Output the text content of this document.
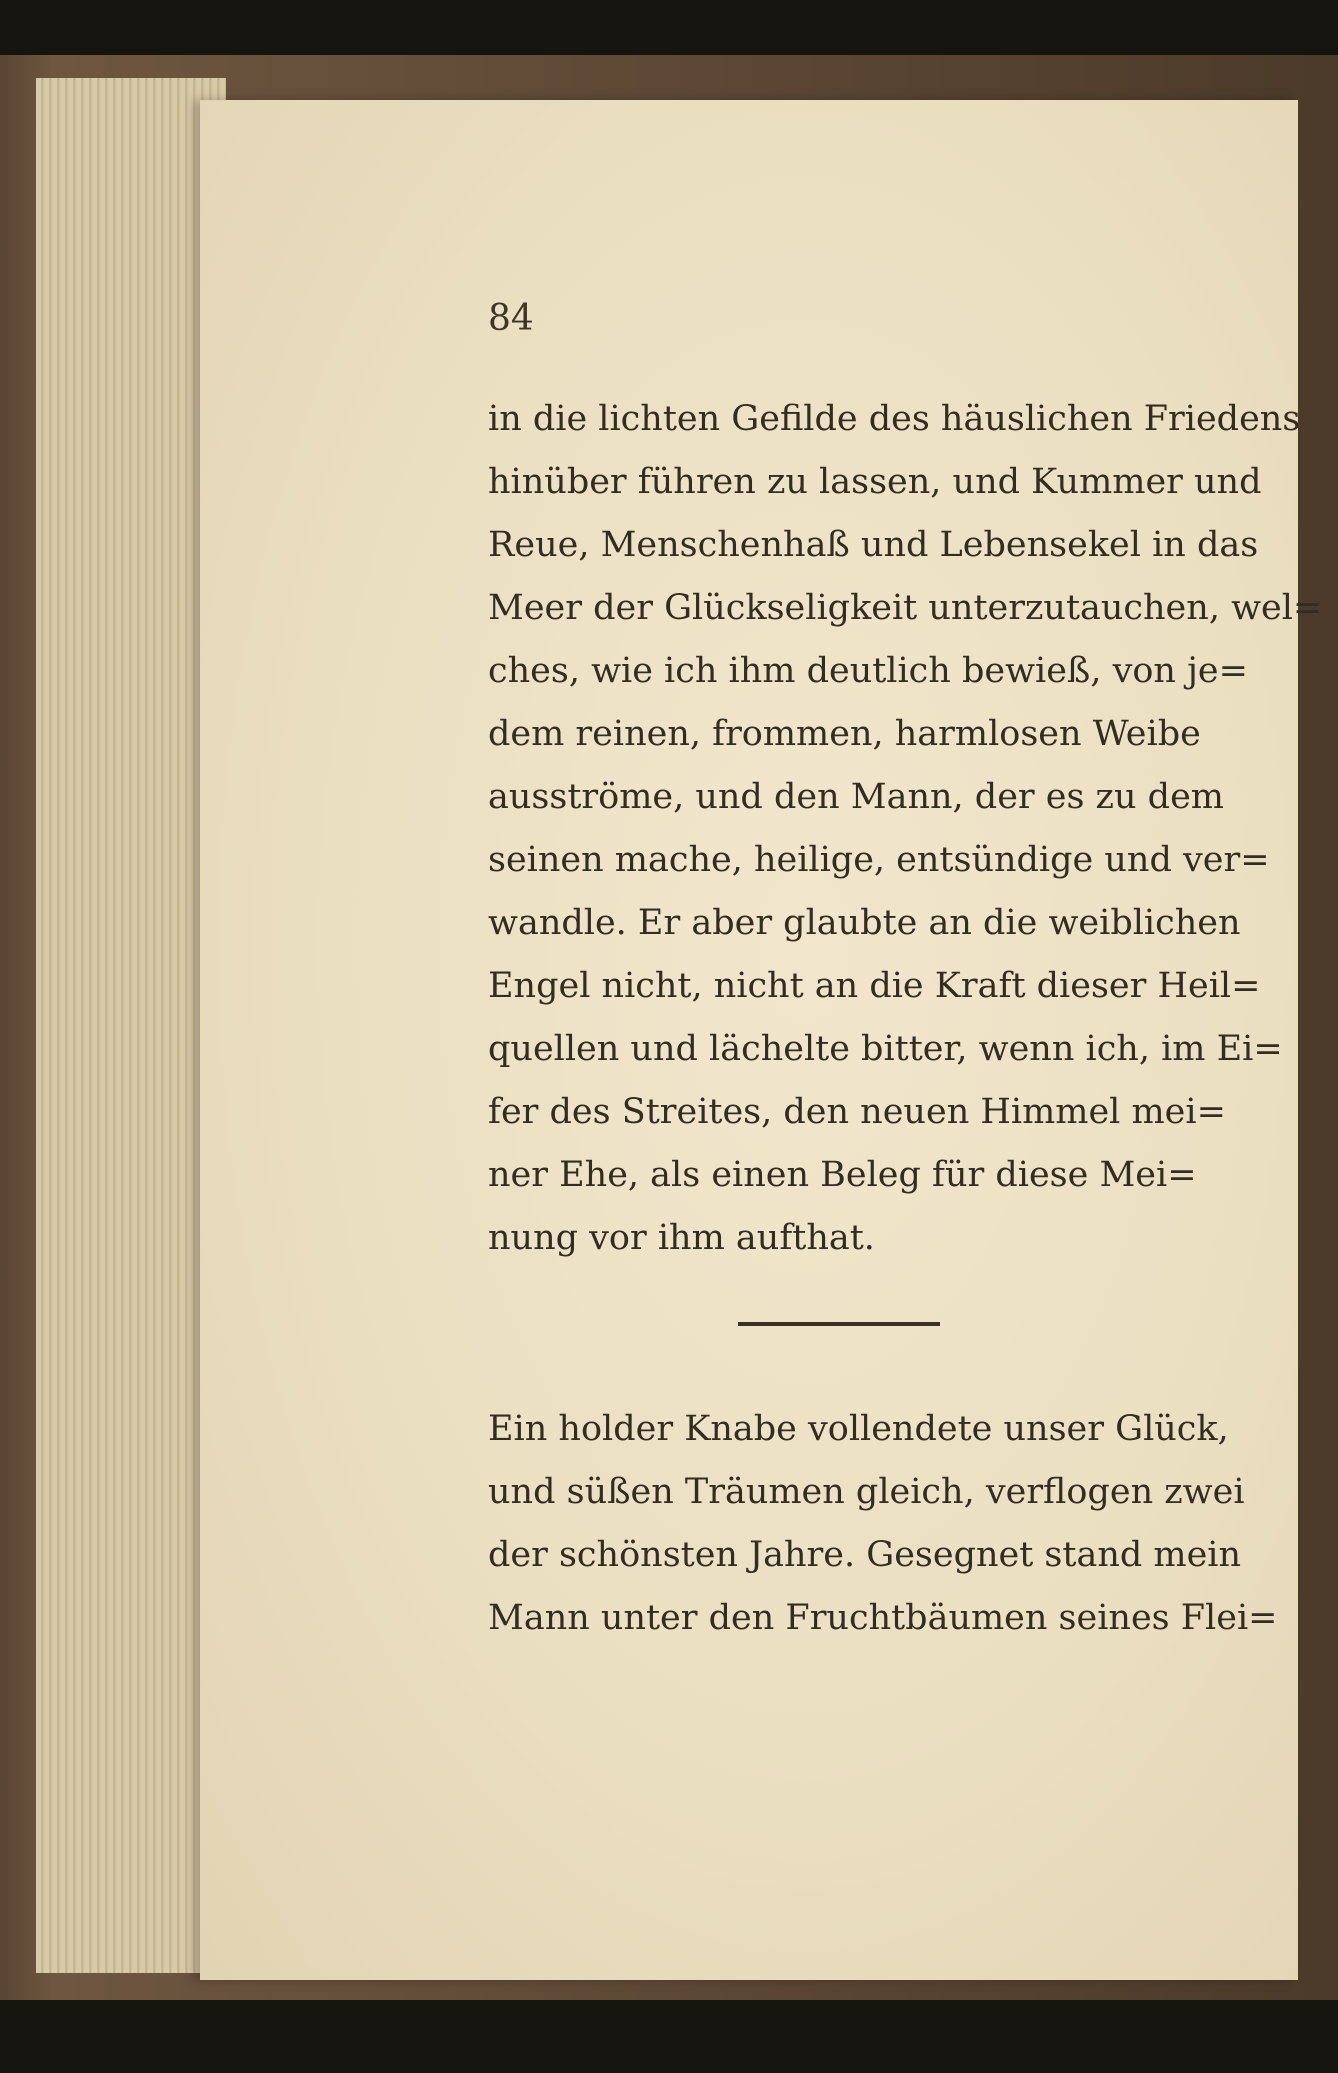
84
in die lichten Gefilde des häuslichen Friedens
hinüber führen zu lassen, und Kummer und
Reue, Menschenhaß und Lebensekel in das
Meer der Glückseligkeit unterzutauchen, wel=
ches, wie ich ihm deutlich bewieß, von je=
dem reinen, frommen, harmlosen Weibe
ausströme, und den Mann, der es zu dem
seinen mache, heilige, entsündige und ver=
wandle. Er aber glaubte an die weiblichen
Engel nicht, nicht an die Kraft dieser Heil=
quellen und lächelte bitter, wenn ich, im Ei=
fer des Streites, den neuen Himmel mei=
ner Ehe, als einen Beleg für diese Mei=
nung vor ihm aufthat.
Ein holder Knabe vollendete unser Glück,
und süßen Träumen gleich, verflogen zwei
der schönsten Jahre. Gesegnet stand mein
Mann unter den Fruchtbäumen seines Flei=
